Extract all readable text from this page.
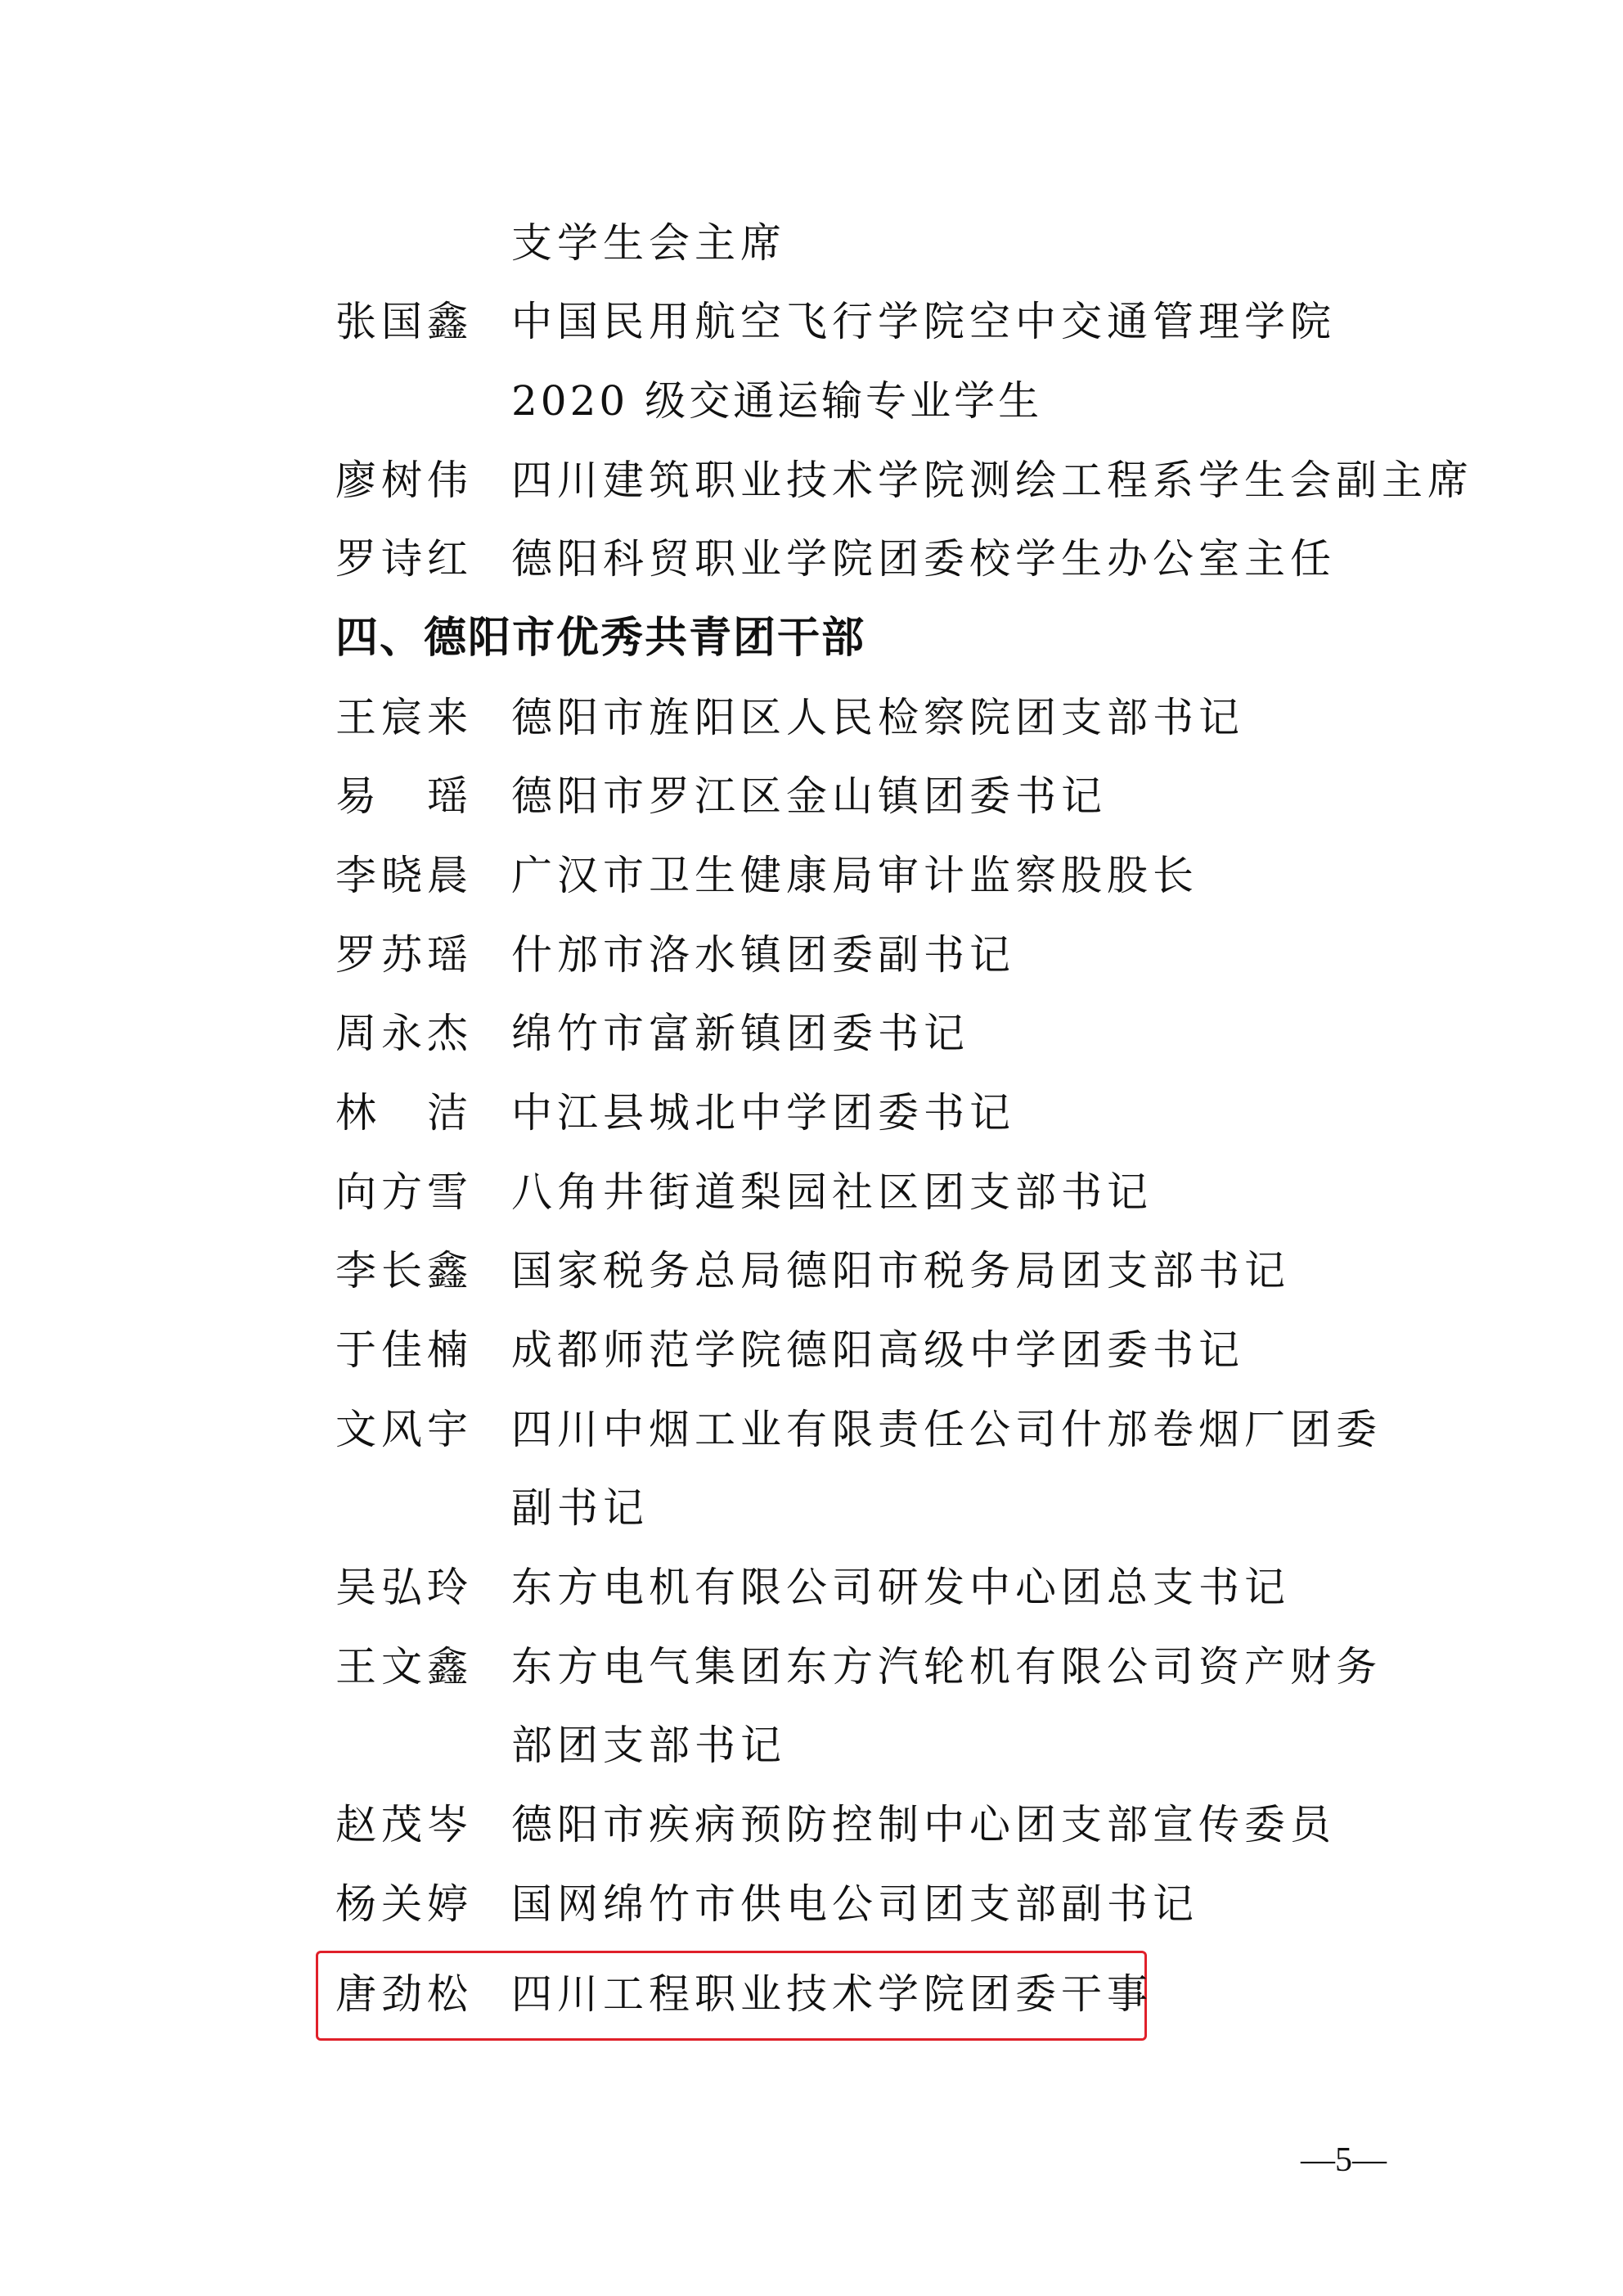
支学生会主席
张国鑫 中国民用航空飞行学院空中交通管理学院
2020 级交通运输专业学生
廖树伟 四川建筑职业技术学院测绘工程系学生会副主席
罗诗红 德阳科贸职业学院团委校学生办公室主任
四、德阳市优秀共青团干部
王宸来 德阳市旌阳区人民检察院团支部书记
易　瑶 德阳市罗江区金山镇团委书记
李晓晨 广汉市卫生健康局审计监察股股长
罗苏瑶 什邡市洛水镇团委副书记
周永杰 绵竹市富新镇团委书记
林　洁 中江县城北中学团委书记
向方雪 八角井街道梨园社区团支部书记
李长鑫 国家税务总局德阳市税务局团支部书记
于佳楠 成都师范学院德阳高级中学团委书记
文风宇 四川中烟工业有限责任公司什邡卷烟厂团委
副书记
吴弘玲 东方电机有限公司研发中心团总支书记
王文鑫 东方电气集团东方汽轮机有限公司资产财务
部团支部书记
赵茂岑 德阳市疾病预防控制中心团支部宣传委员
杨关婷 国网绵竹市供电公司团支部副书记
唐劲松 四川工程职业技术学院团委干事
—5—
